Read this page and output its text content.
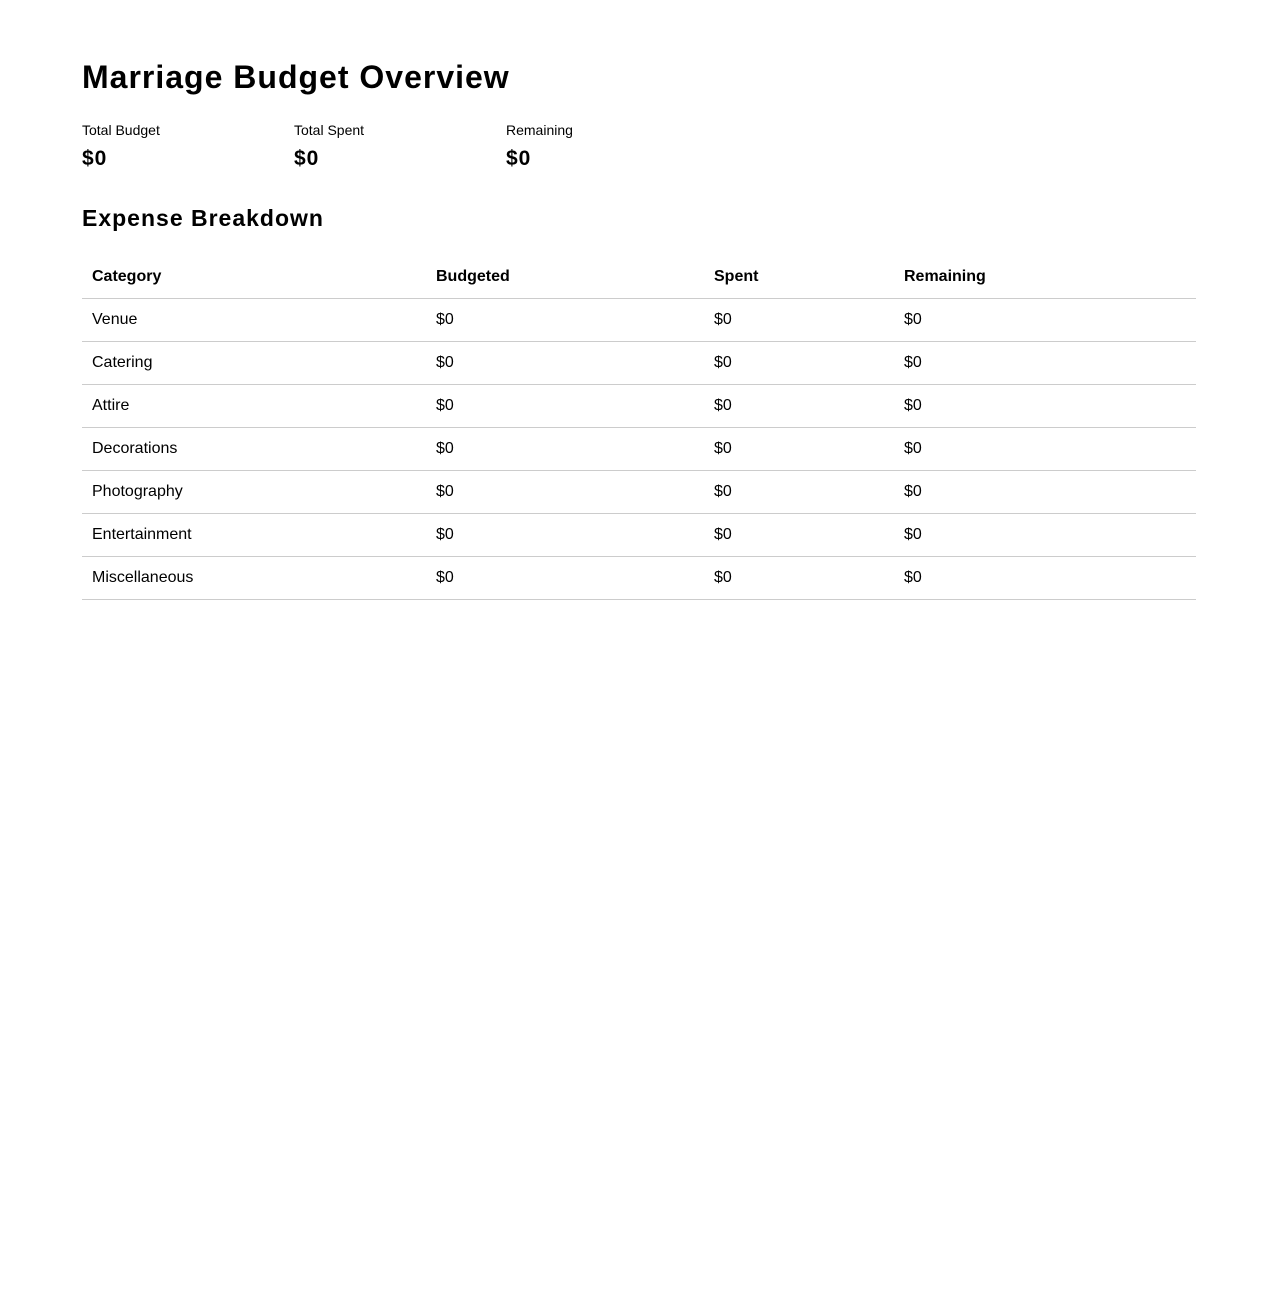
Marriage Budget Overview
Total Budget
$0
Total Spent
$0
Remaining
$0
Expense Breakdown
Category	Budgeted	Spent	Remaining
Venue	$0	$0	$0
Catering	$0	$0	$0
Attire	$0	$0	$0
Decorations	$0	$0	$0
Photography	$0	$0	$0
Entertainment	$0	$0	$0
Miscellaneous	$0	$0	$0
